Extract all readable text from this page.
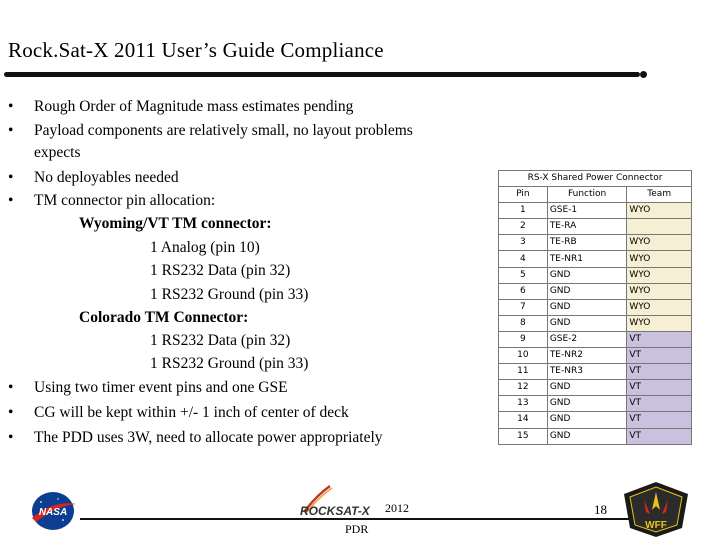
Rock.Sat-X 2011 User’s Guide Compliance
• Rough Order of Magnitude mass estimates pending
• Payload components are relatively small, no layout problems
expects
• No deployables needed
• TM connector pin allocation:
Wyoming/VT TM connector:
1 Analog (pin 10)
1 RS232 Data (pin 32)
1 RS232 Ground (pin 33)
Colorado TM Connector:
1 RS232 Data (pin 32)
1 RS232 Ground (pin 33)
• Using two timer event pins and one GSE
• CG will be kept within +/- 1 inch of center of deck
• The PDD uses 3W, need to allocate power appropriately
RS-X Shared Power Connector		
Pin	Function	Team
1	GSE-1	WYO
2	TE-RA	
3	TE-RB	WYO
4	TE-NR1	WYO
5	GND	WYO
6	GND	WYO
7	GND	WYO
8	GND	WYO
9	GSE-2	VT
10	TE-NR2	VT
11	TE-NR3	VT
12	GND	VT
13	GND	VT
14	GND	VT
15	GND	VT
NASA	ROCKSAT-X 2012
PDR
18
WFF
